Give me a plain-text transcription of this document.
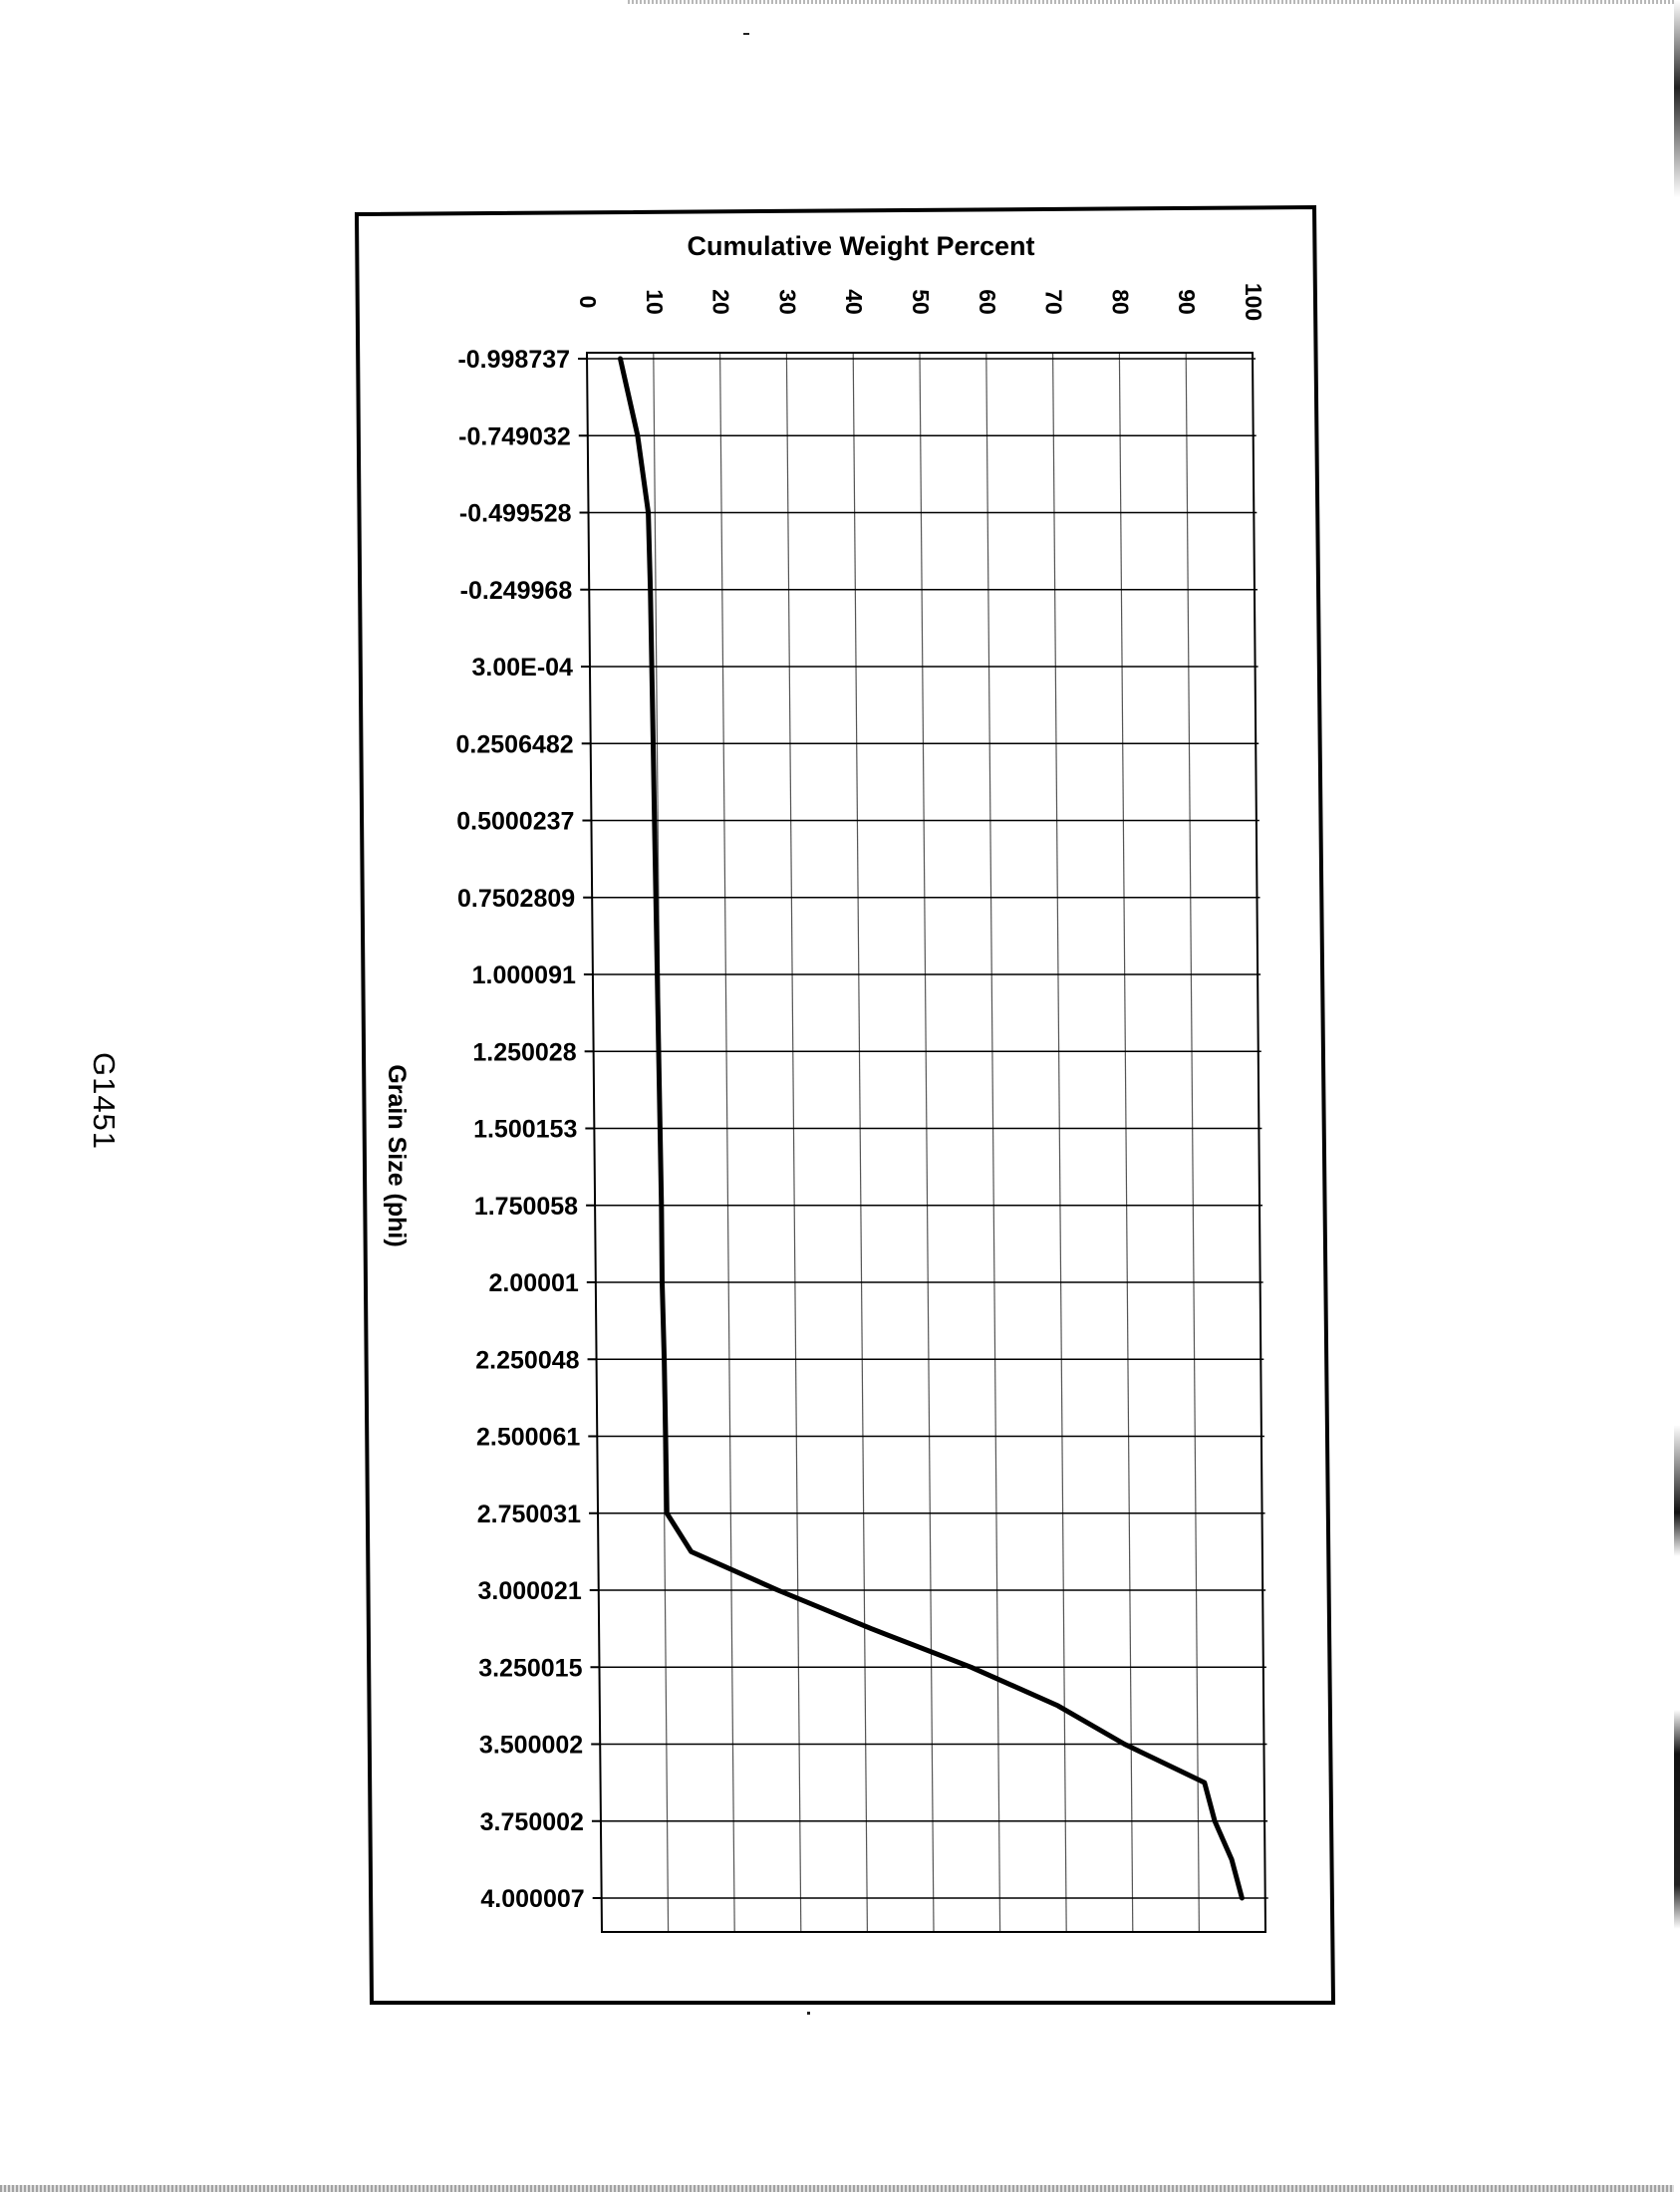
G1451
-0.998737
-0.749032
-0.499528
-0.249968
3.00E-04
0.2506482
0.5000237
0.7502809
1.000091
1.250028
1.500153
1.750058
2.00001
2.250048
2.500061
2.750031
3.000021
3.250015
3.500002
3.750002
4.000007
0 10 20 30 40 50 60 70 80 90 100
Cumulative Weight Percent
Grain Size (phi)
